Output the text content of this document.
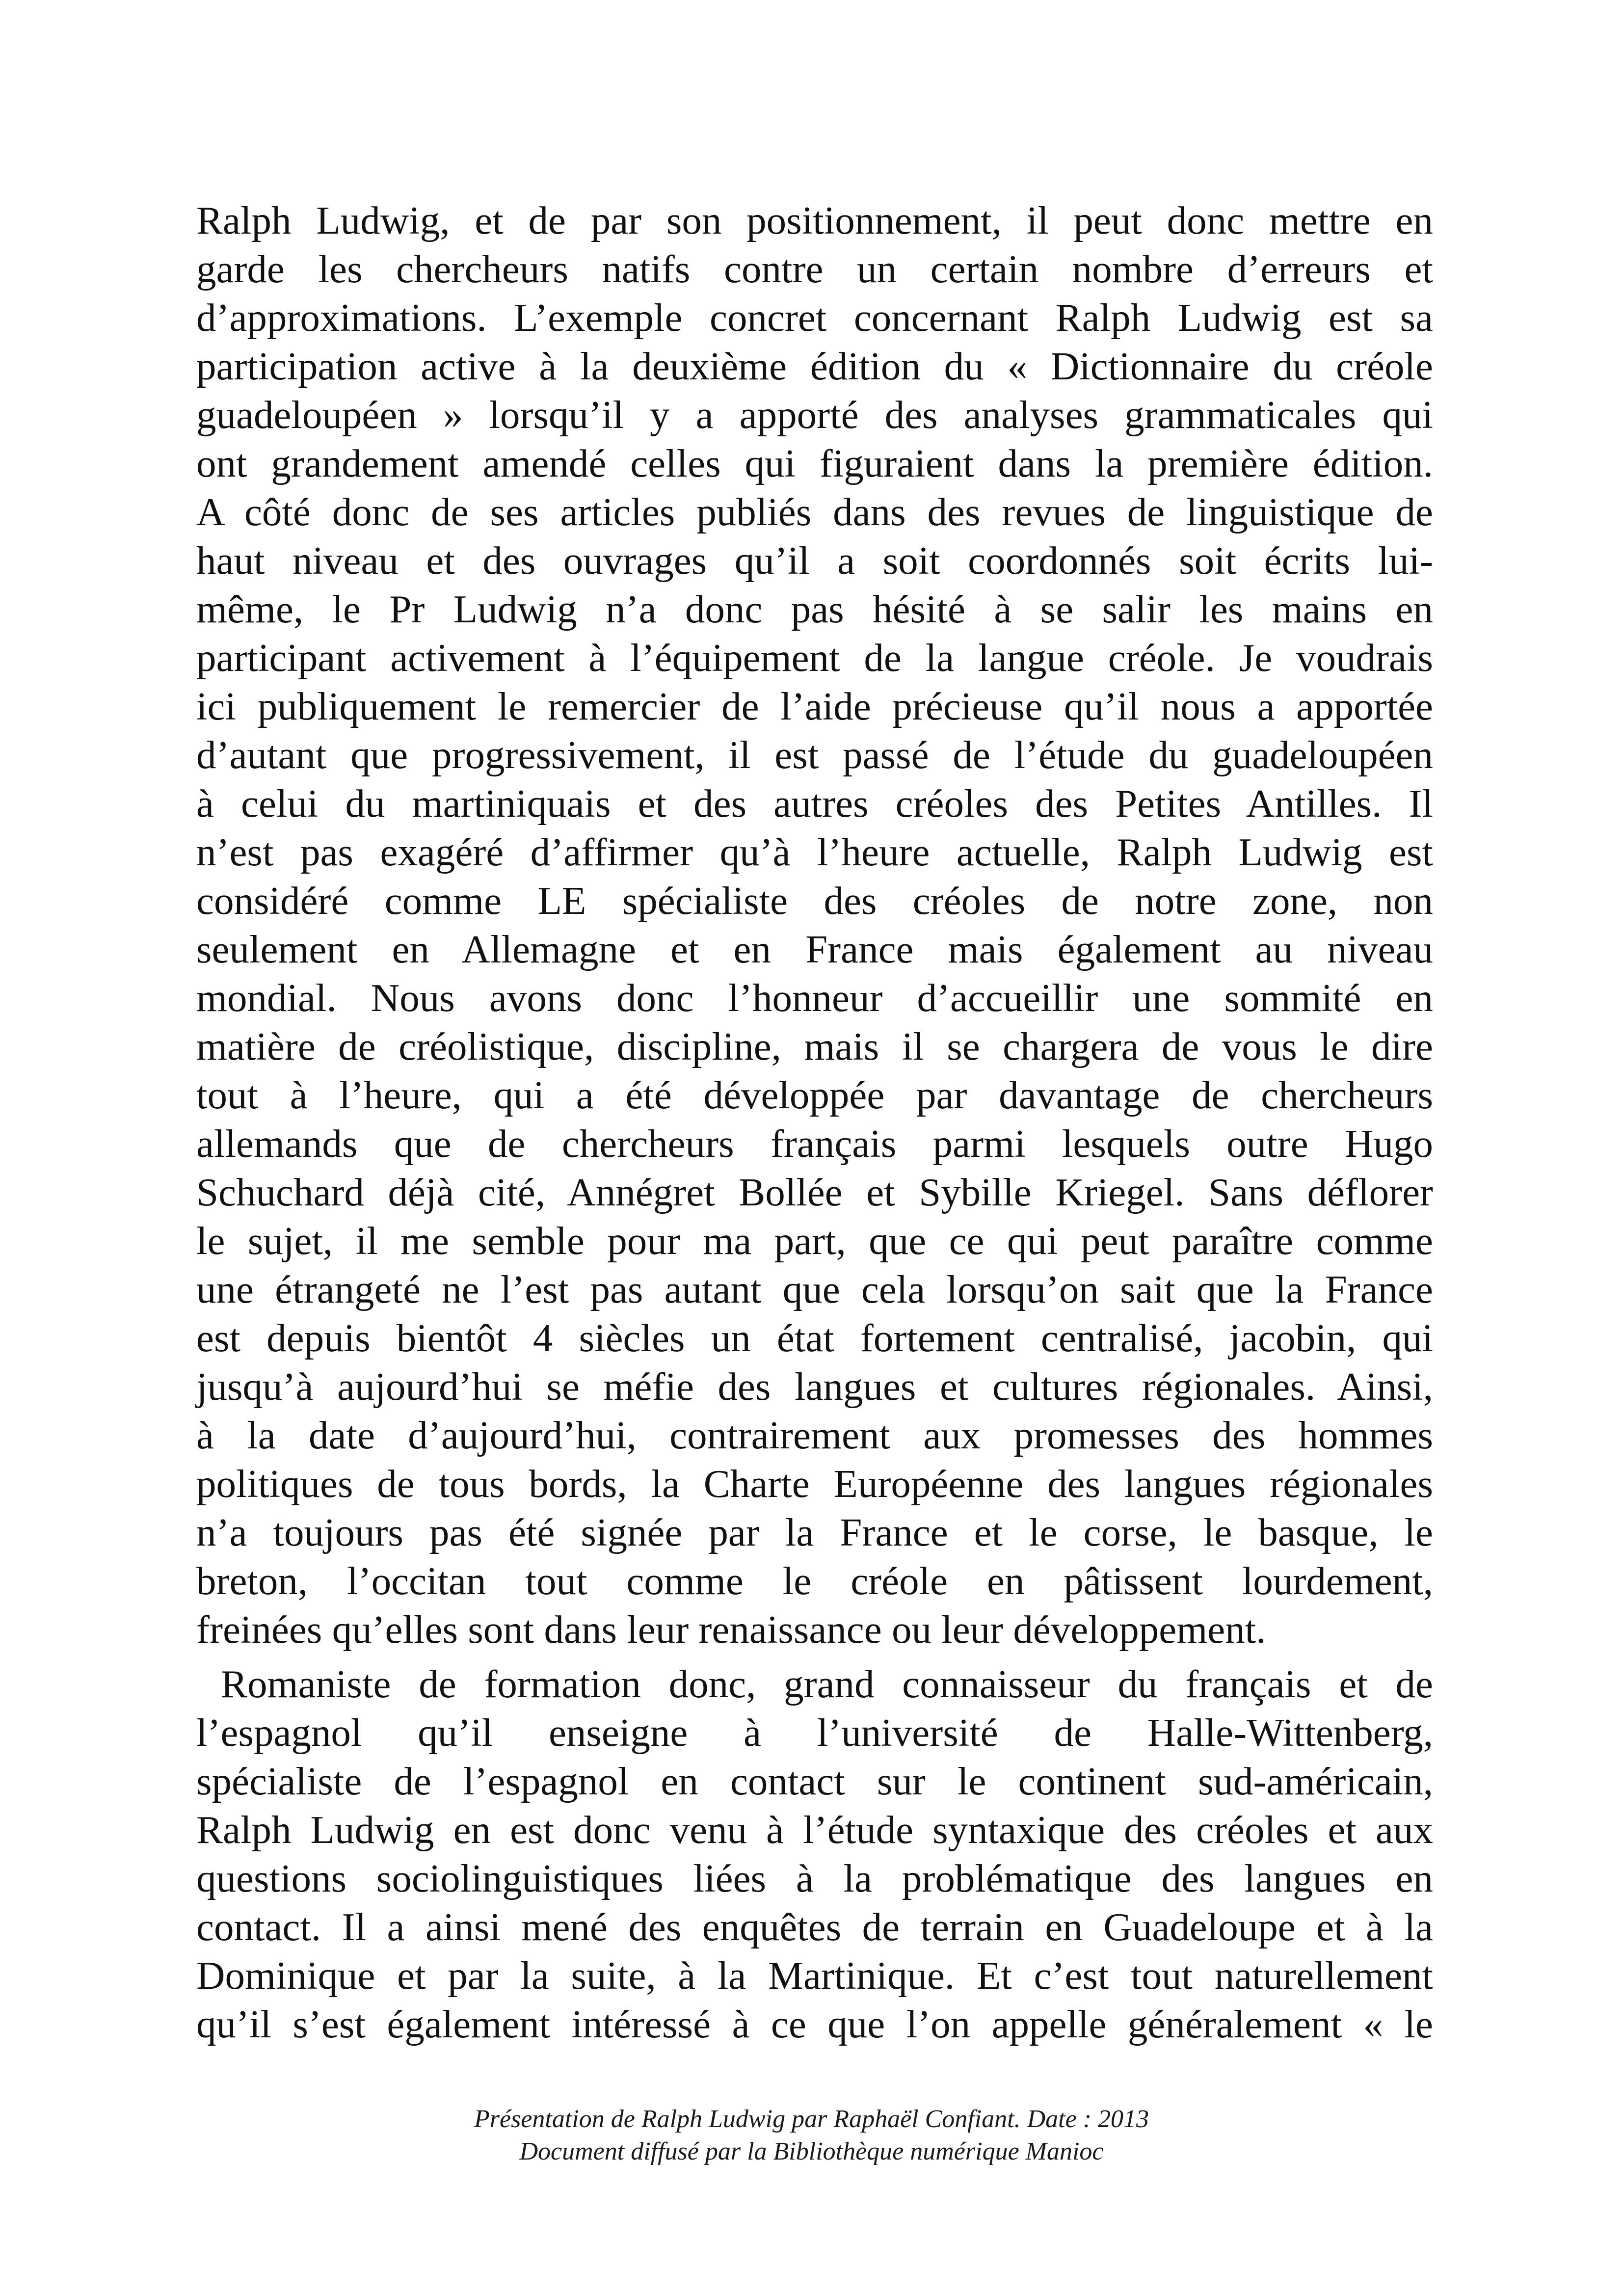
Ralph Ludwig, et de par son positionnement, il peut donc mettre en
garde les chercheurs natifs contre un certain nombre d’erreurs et
d’approximations. L’exemple concret concernant Ralph Ludwig est sa
participation active à la deuxième édition du « Dictionnaire du créole
guadeloupéen » lorsqu’il y a apporté des analyses grammaticales qui
ont grandement amendé celles qui figuraient dans la première édition.
A côté donc de ses articles publiés dans des revues de linguistique de
haut niveau et des ouvrages qu’il a soit coordonnés soit écrits lui-
même, le Pr Ludwig n’a donc pas hésité à se salir les mains en
participant activement à l’équipement de la langue créole. Je voudrais
ici publiquement le remercier de l’aide précieuse qu’il nous a apportée
d’autant que progressivement, il est passé de l’étude du guadeloupéen
à celui du martiniquais et des autres créoles des Petites Antilles. Il
n’est pas exagéré d’affirmer qu’à l’heure actuelle, Ralph Ludwig est
considéré comme LE spécialiste des créoles de notre zone, non
seulement en Allemagne et en France mais également au niveau
mondial. Nous avons donc l’honneur d’accueillir une sommité en
matière de créolistique, discipline, mais il se chargera de vous le dire
tout à l’heure, qui a été développée par davantage de chercheurs
allemands que de chercheurs français parmi lesquels outre Hugo
Schuchard déjà cité, Annégret Bollée et Sybille Kriegel. Sans déflorer
le sujet, il me semble pour ma part, que ce qui peut paraître comme
une étrangeté ne l’est pas autant que cela lorsqu’on sait que la France
est depuis bientôt 4 siècles un état fortement centralisé, jacobin, qui
jusqu’à aujourd’hui se méfie des langues et cultures régionales. Ainsi,
à la date d’aujourd’hui, contrairement aux promesses des hommes
politiques de tous bords, la Charte Européenne des langues régionales
n’a toujours pas été signée par la France et le corse, le basque, le
breton, l’occitan tout comme le créole en pâtissent lourdement,
freinées qu’elles sont dans leur renaissance ou leur développement.
Romaniste de formation donc, grand connaisseur du français et de
l’espagnol qu’il enseigne à l’université de Halle-Wittenberg,
spécialiste de l’espagnol en contact sur le continent sud-américain,
Ralph Ludwig en est donc venu à l’étude syntaxique des créoles et aux
questions sociolinguistiques liées à la problématique des langues en
contact. Il a ainsi mené des enquêtes de terrain en Guadeloupe et à la
Dominique et par la suite, à la Martinique. Et c’est tout naturellement
qu’il s’est également intéressé à ce que l’on appelle généralement « le
Présentation de Ralph Ludwig par Raphaël Confiant. Date : 2013
Document diffusé par la Bibliothèque numérique Manioc
